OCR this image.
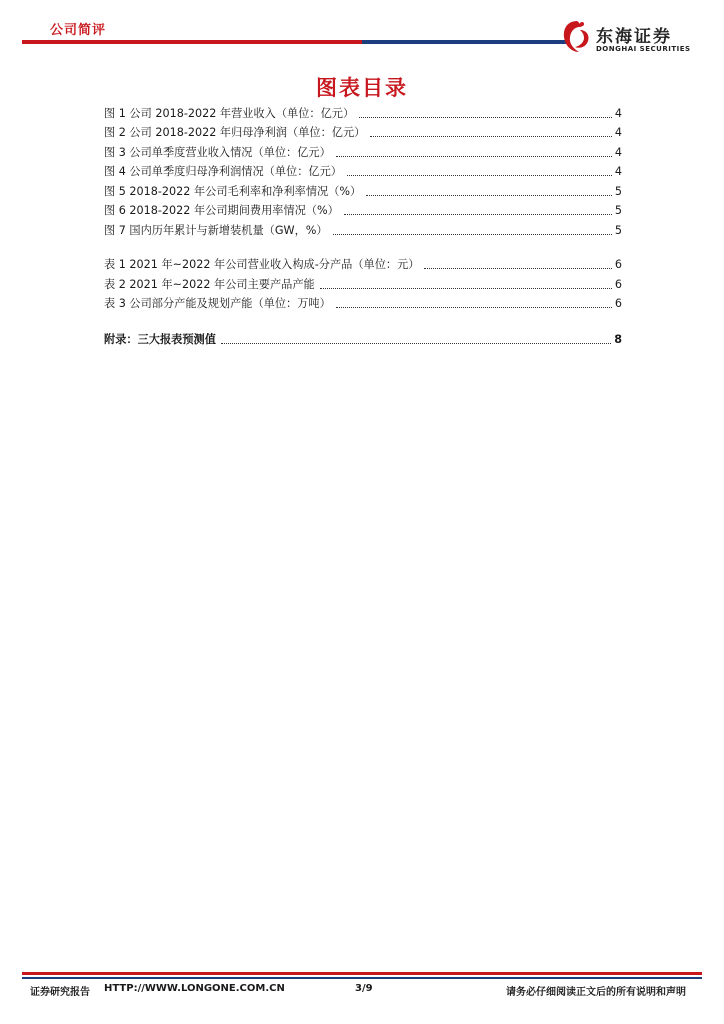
公司简评	东海证券
DONGHAI SECURITIES
图表目录
图 1 公司 2018-2022 年营业收入（单位：亿元）	4
图 2 公司 2018-2022 年归母净利润（单位：亿元）	4
图 3 公司单季度营业收入情况（单位：亿元）	4
图 4 公司单季度归母净利润情况（单位：亿元）	4
图 5 2018-2022 年公司毛利率和净利率情况（%）	5
图 6 2018-2022 年公司期间费用率情况（%）	5
图 7 国内历年累计与新增装机量（GW，%）	5
表 1 2021 年~2022 年公司营业收入构成-分产品（单位：元）	6
表 2 2021 年~2022 年公司主要产品产能	6
表 3 公司部分产能及规划产能（单位：万吨）	6
附录：三大报表预测值	8
证券研究报告 HTTP://WWW.LONGONE.COM.CN	3/9	请务必仔细阅读正文后的所有说明和声明
